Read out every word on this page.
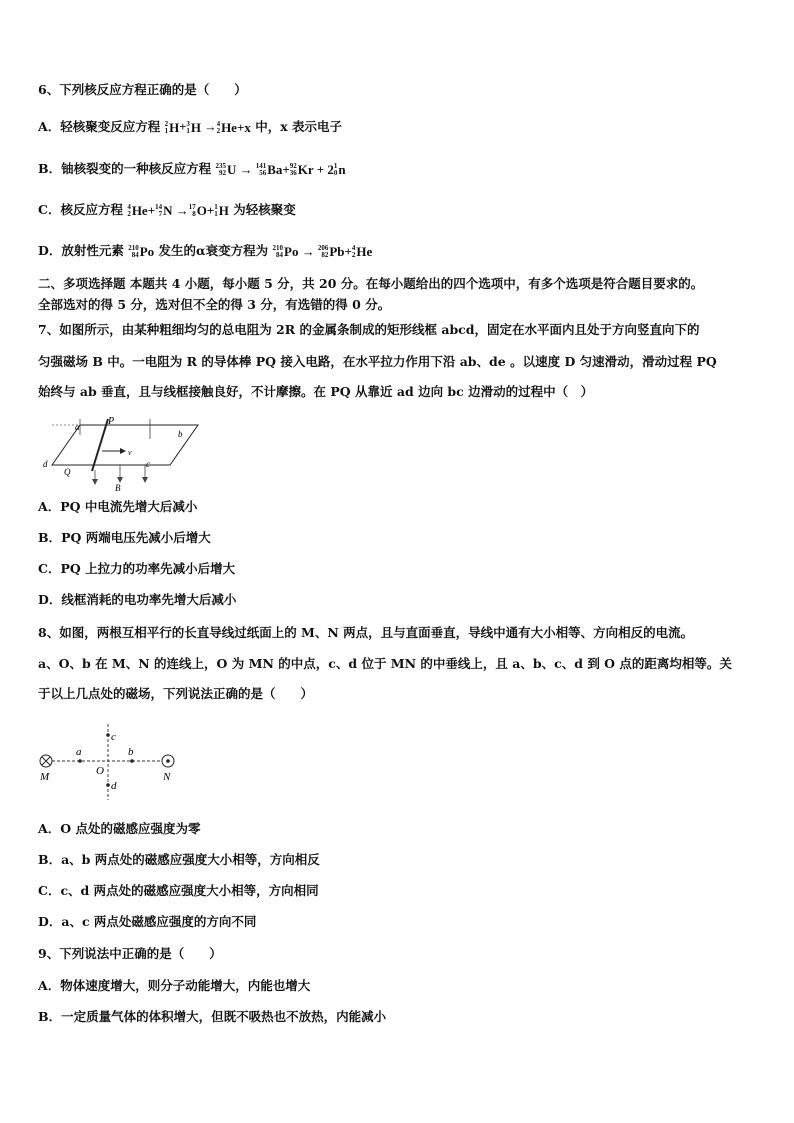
6、下列核反应方程正确的是（　　）
A．轻核聚变反应方程 2
1 H+ 3
1 H → 4
2 He+x 中，x 表示电子
B．铀核裂变的一种核反应方程 235
92 U → 141
56 Ba+ 92
36 Kr + 2 1
0 n
C．核反应方程 4
2 He+ 14
7 N → 17
8 O+ 1
1 H 为轻核聚变
D．放射性元素 210
84 Po 发生的α衰变方程为 210
84 Po → 206
82 Pb+ 4
2 He
二、多项选择题 本题共 4 小题，每小题 5 分，共 20 分。在每小题给出的四个选项中，有多个选项是符合题目要求的。
全部选对的得 5 分，选对但不全的得 3 分，有选错的得 0 分。
7、如图所示，由某种粗细均匀的总电阻为 2R 的金属条制成的矩形线框 abcd，固定在水平面内且处于方向竖直向下的
匀强磁场 B 中。一电阻为 R 的导体棒 PQ 接入电路，在水平拉力作用下沿 ab、de 。以速度 D 匀速滑动，滑动过程 PQ
始终与 ab 垂直，且与线框接触良好，不计摩擦。在 PQ 从靠近 ad 边向 bc 边滑动的过程中（　）
a	P
b
d
Q
v
c
B
A．PQ 中电流先增大后减小
B．PQ 两端电压先减小后增大
C．PQ 上拉力的功率先减小后增大
D．线框消耗的电功率先增大后减小
8、如图，两根互相平行的长直导线过纸面上的 M、N 两点，且与直面垂直，导线中通有大小相等、方向相反的电流。
a、O、b 在 M、N 的连线上，O 为 MN 的中点，c、d 位于 MN 的中垂线上，且 a、b、c、d 到 O 点的距离均相等。关
于以上几点处的磁场，下列说法正确的是（　　）
a	b
c
d
O
M	N
A．O 点处的磁感应强度为零
B．a、b 两点处的磁感应强度大小相等，方向相反
C．c、d 两点处的磁感应强度大小相等，方向相同
D．a、c 两点处磁感应强度的方向不同
9、下列说法中正确的是（　　）
A．物体速度增大，则分子动能增大，内能也增大
B．一定质量气体的体积增大，但既不吸热也不放热，内能减小
